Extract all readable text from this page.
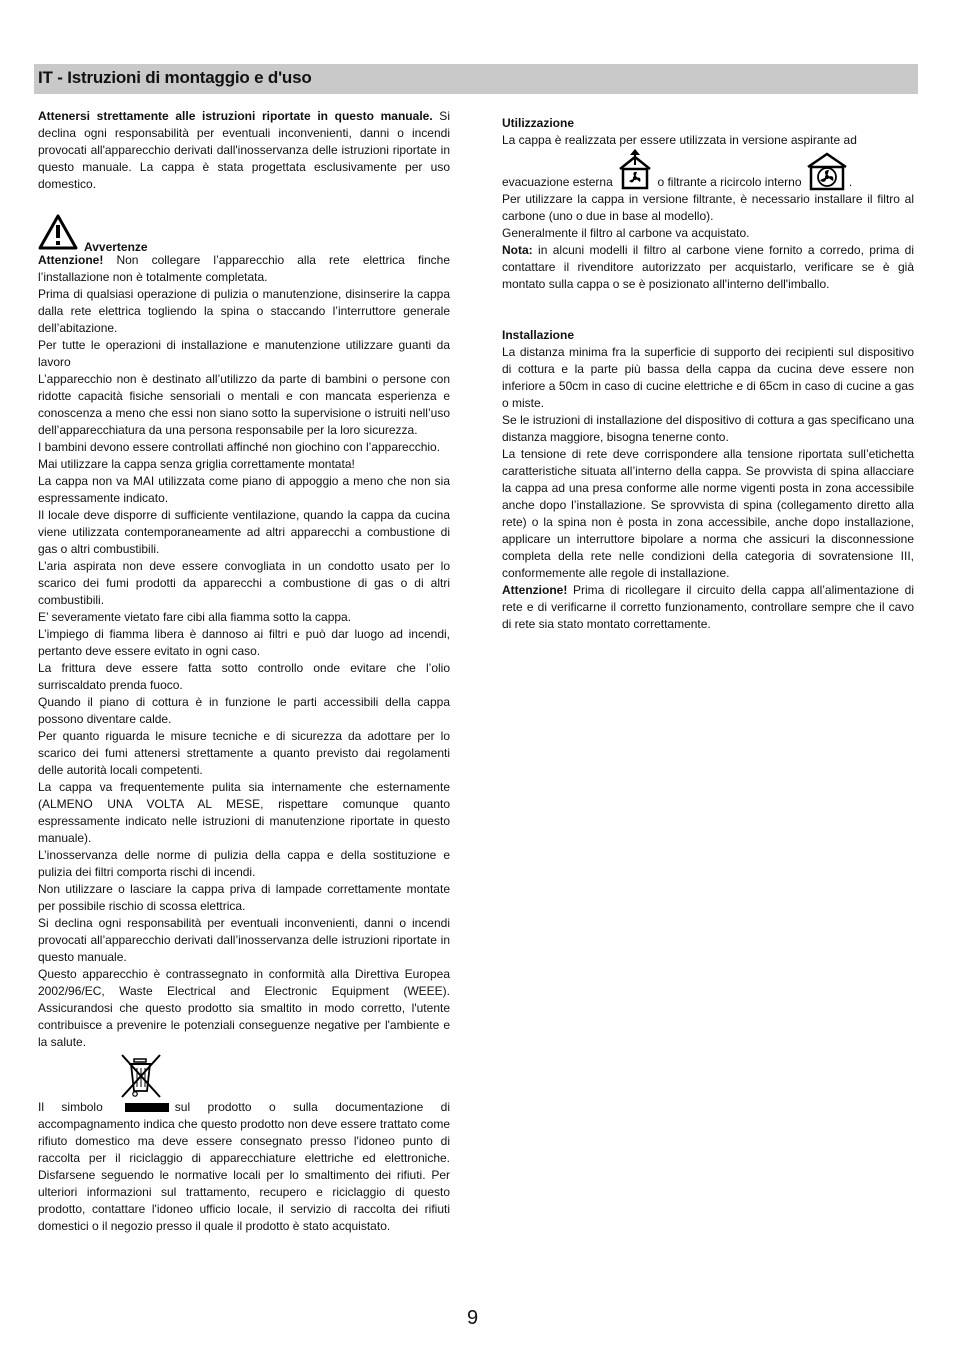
IT - Istruzioni di montaggio e d'uso

Attenersi strettamente alle istruzioni riportate in questo manuale. Si declina ogni responsabilità per eventuali inconvenienti, danni o incendi provocati all'apparecchio derivati dall'inosservanza delle istruzioni riportate in questo manuale. La cappa è stata progettata esclusivamente per uso domestico.

Avvertenze

Attenzione! Non collegare l’apparecchio alla rete elettrica finche l’installazione non è totalmente completata.

Prima di qualsiasi operazione di pulizia o manutenzione, disinserire la cappa dalla rete elettrica togliendo la spina o staccando l’interruttore generale dell’abitazione.

Per tutte le operazioni di installazione e manutenzione utilizzare guanti da lavoro

L’apparecchio non è destinato all’utilizzo da parte di bambini o persone con ridotte capacità fisiche sensoriali o mentali e con mancata esperienza e conoscenza a meno che essi non siano sotto la supervisione o istruiti nell’uso dell’apparecchiatura da una persona responsabile per la loro sicurezza.

I bambini devono essere controllati affinché non giochino con l’apparecchio.

Mai utilizzare la cappa senza griglia correttamente montata!

La cappa non va MAI utilizzata come piano di appoggio a meno che non sia espressamente indicato.

Il locale deve disporre di sufficiente ventilazione, quando la cappa da cucina viene utilizzata contemporaneamente ad altri apparecchi a combustione di gas o altri combustibili.

L’aria aspirata non deve essere convogliata in un condotto usato per lo scarico dei fumi prodotti da apparecchi a combustione di gas o di altri combustibili.

E’ severamente vietato fare cibi alla fiamma sotto la cappa.

L’impiego di fiamma libera è dannoso ai filtri e può dar luogo ad incendi, pertanto deve essere evitato in ogni caso.

La frittura deve essere fatta sotto controllo onde evitare che l’olio surriscaldato prenda fuoco.

Quando il piano di cottura è in funzione le parti accessibili della cappa possono diventare calde.

Per quanto riguarda le misure tecniche e di sicurezza da adottare per lo scarico dei fumi attenersi strettamente a quanto previsto dai regolamenti delle autorità locali competenti.

La cappa va frequentemente pulita sia internamente che esternamente (ALMENO UNA VOLTA AL MESE, rispettare comunque quanto espressamente indicato nelle istruzioni di manutenzione riportate in questo manuale).

L’inosservanza delle norme di pulizia della cappa e della sostituzione e pulizia dei filtri comporta rischi di incendi.

Non utilizzare o lasciare la cappa priva di lampade correttamente montate per possibile rischio di scossa elettrica.

Si declina ogni responsabilità per eventuali inconvenienti, danni o incendi provocati all’apparecchio derivati dall’inosservanza delle istruzioni riportate in questo manuale.

Questo apparecchio è contrassegnato in conformità alla Direttiva Europea 2002/96/EC, Waste Electrical and Electronic Equipment (WEEE). Assicurandosi che questo prodotto sia smaltito in modo corretto, l'utente contribuisce a prevenire le potenziali conseguenze negative per l'ambiente e la salute.

Il simbolo	sul prodotto o sulla documentazione di accompagnamento indica che questo prodotto non deve essere trattato come rifiuto domestico ma deve essere consegnato presso l'idoneo punto di raccolta per il riciclaggio di apparecchiature elettriche ed elettroniche. Disfarsene seguendo le normative locali per lo smaltimento dei rifiuti. Per ulteriori informazioni sul trattamento, recupero e riciclaggio di questo prodotto, contattare l'idoneo ufficio locale, il servizio di raccolta dei rifiuti domestici o il negozio presso il quale il prodotto è stato acquistato.

Utilizzazione

La cappa è realizzata per essere utilizzata in versione aspirante ad

evacuazione esterna	o filtrante a ricircolo interno	.

Per utilizzare la cappa in versione filtrante, è necessario installare il filtro al carbone (uno o due in base al modello).

Generalmente il filtro al carbone va acquistato.

Nota: in alcuni modelli il filtro al carbone viene fornito a corredo, prima di contattare il rivenditore autorizzato per acquistarlo, verificare se è già montato sulla cappa o se è posizionato all'interno dell'imballo.

Installazione

La distanza minima fra la superficie di supporto dei recipienti sul dispositivo di cottura e la parte più bassa della cappa da cucina deve essere non inferiore a 50cm in caso di cucine elettriche e di 65cm in caso di cucine a gas o miste.

Se le istruzioni di installazione del dispositivo di cottura a gas specificano una distanza maggiore, bisogna tenerne conto.

La tensione di rete deve corrispondere alla tensione riportata sull’etichetta caratteristiche situata all’interno della cappa. Se provvista di spina allacciare la cappa ad una presa conforme alle norme vigenti posta in zona accessibile anche dopo l’installazione. Se sprovvista di spina (collegamento diretto alla rete) o la spina non è posta in zona accessibile, anche dopo installazione, applicare un interruttore bipolare a norma che assicuri la disconnessione completa della rete nelle condizioni della categoria di sovratensione III, conformemente alle regole di installazione.

Attenzione! Prima di ricollegare il circuito della cappa all’alimentazione di rete e di verificarne il corretto funzionamento, controllare sempre che il cavo di rete sia stato montato correttamente.

9
